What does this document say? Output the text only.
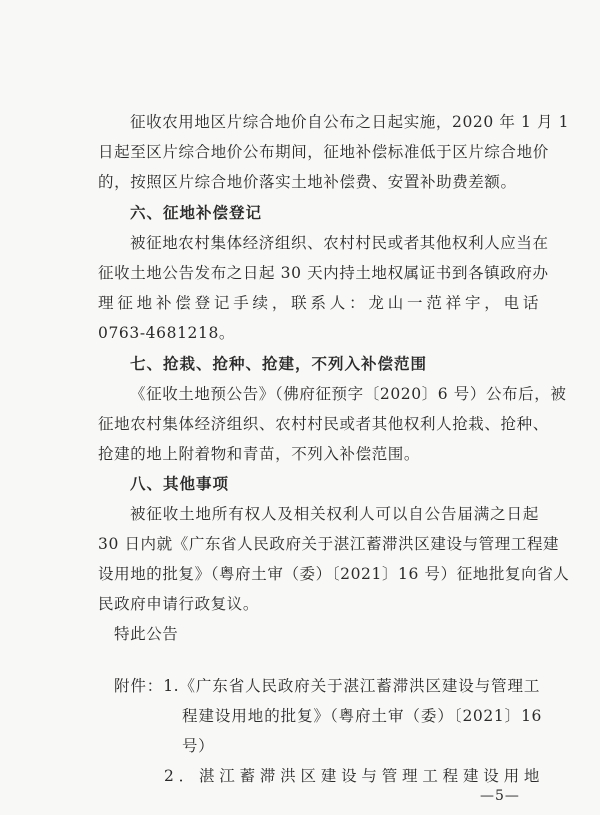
征收农用地区片综合地价自公布之日起实施，2020 年 1 月 1
日起至区片综合地价公布期间，征地补偿标准低于区片综合地价
的，按照区片综合地价落实土地补偿费、安置补助费差额。
六、征地补偿登记
被征地农村集体经济组织、农村村民或者其他权利人应当在
征收土地公告发布之日起 30 天内持土地权属证书到各镇政府办
理征地补偿登记手续，联系人：龙山一范祥宇，电话
0763-4681218。
七、抢栽、抢种、抢建，不列入补偿范围
《征收土地预公告》（佛府征预字〔2020〕6 号）公布后，被
征地农村集体经济组织、农村村民或者其他权利人抢栽、抢种、
抢建的地上附着物和青苗，不列入补偿范围。
八、其他事项
被征收土地所有权人及相关权利人可以自公告届满之日起
30 日内就《广东省人民政府关于湛江蓄滞洪区建设与管理工程建
设用地的批复》（粤府土审（委）〔2021〕16 号）征地批复向省人
民政府申请行政复议。
特此公告
附件：1.《广东省人民政府关于湛江蓄滞洪区建设与管理工
程建设用地的批复》（粤府土审（委）〔2021〕16
号）
2．湛江蓄滞洪区建设与管理工程建设用地
—5—
